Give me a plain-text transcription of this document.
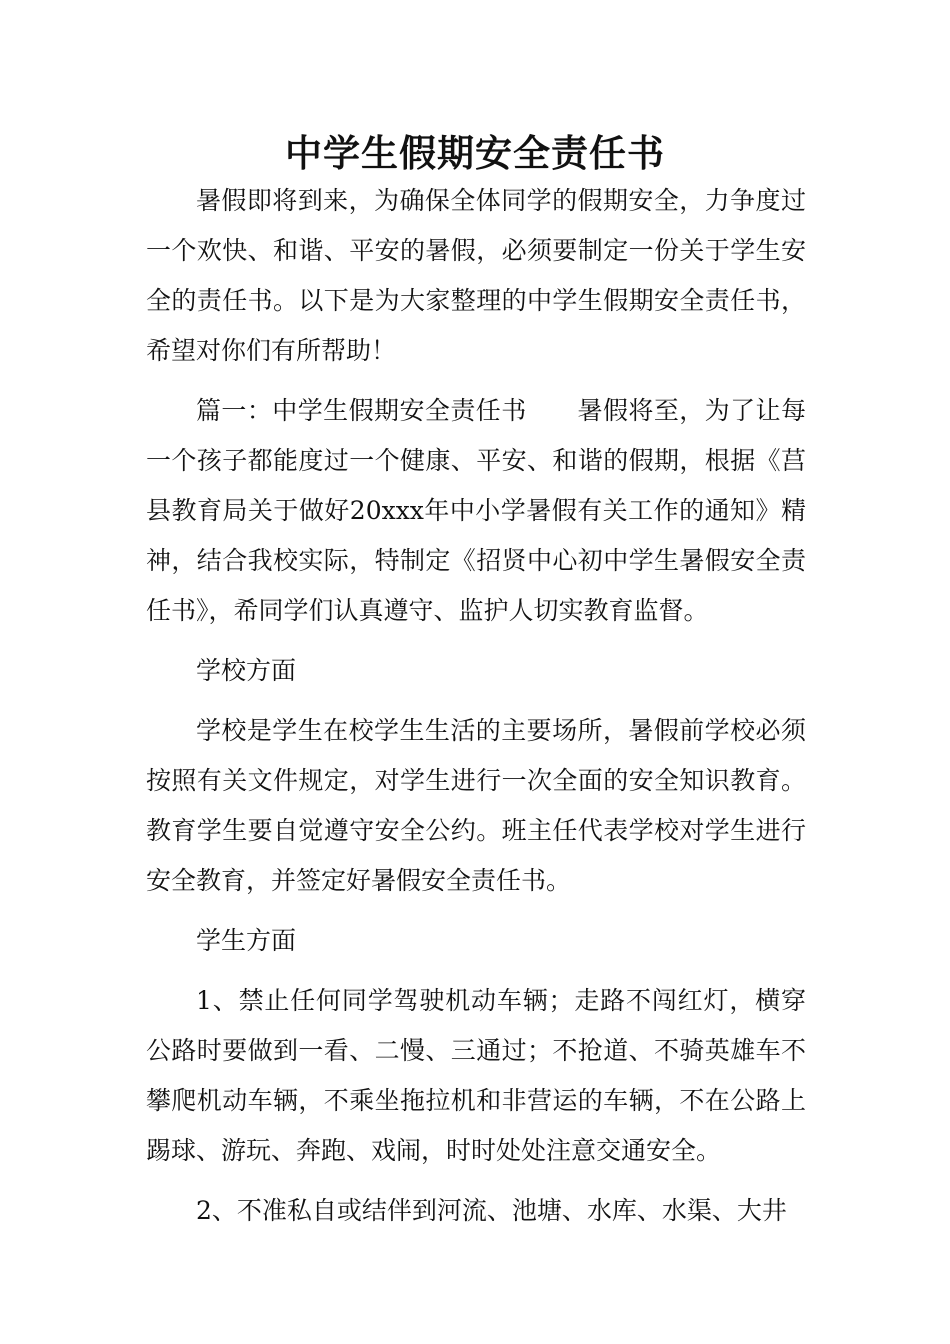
中学生假期安全责任书

暑假即将到来，为确保全体同学的假期安全，力争度过一个欢快、和谐、平安的暑假，必须要制定一份关于学生安全的责任书。以下是为大家整理的中学生假期安全责任书，希望对你们有所帮助！

篇一：中学生假期安全责任书　　暑假将至，为了让每一个孩子都能度过一个健康、平安、和谐的假期，根据《莒县教育局关于做好20xxx年中小学暑假有关工作的通知》精神，结合我校实际，特制定《招贤中心初中学生暑假安全责任书》，希同学们认真遵守、监护人切实教育监督。

学校方面

学校是学生在校学生生活的主要场所，暑假前学校必须按照有关文件规定，对学生进行一次全面的安全知识教育。教育学生要自觉遵守安全公约。班主任代表学校对学生进行安全教育，并签定好暑假安全责任书。

学生方面

1、禁止任何同学驾驶机动车辆；走路不闯红灯，横穿公路时要做到一看、二慢、三通过；不抢道、不骑英雄车不攀爬机动车辆，不乘坐拖拉机和非营运的车辆，不在公路上踢球、游玩、奔跑、戏闹，时时处处注意交通安全。

2、不准私自或结伴到河流、池塘、水库、水渠、大井
